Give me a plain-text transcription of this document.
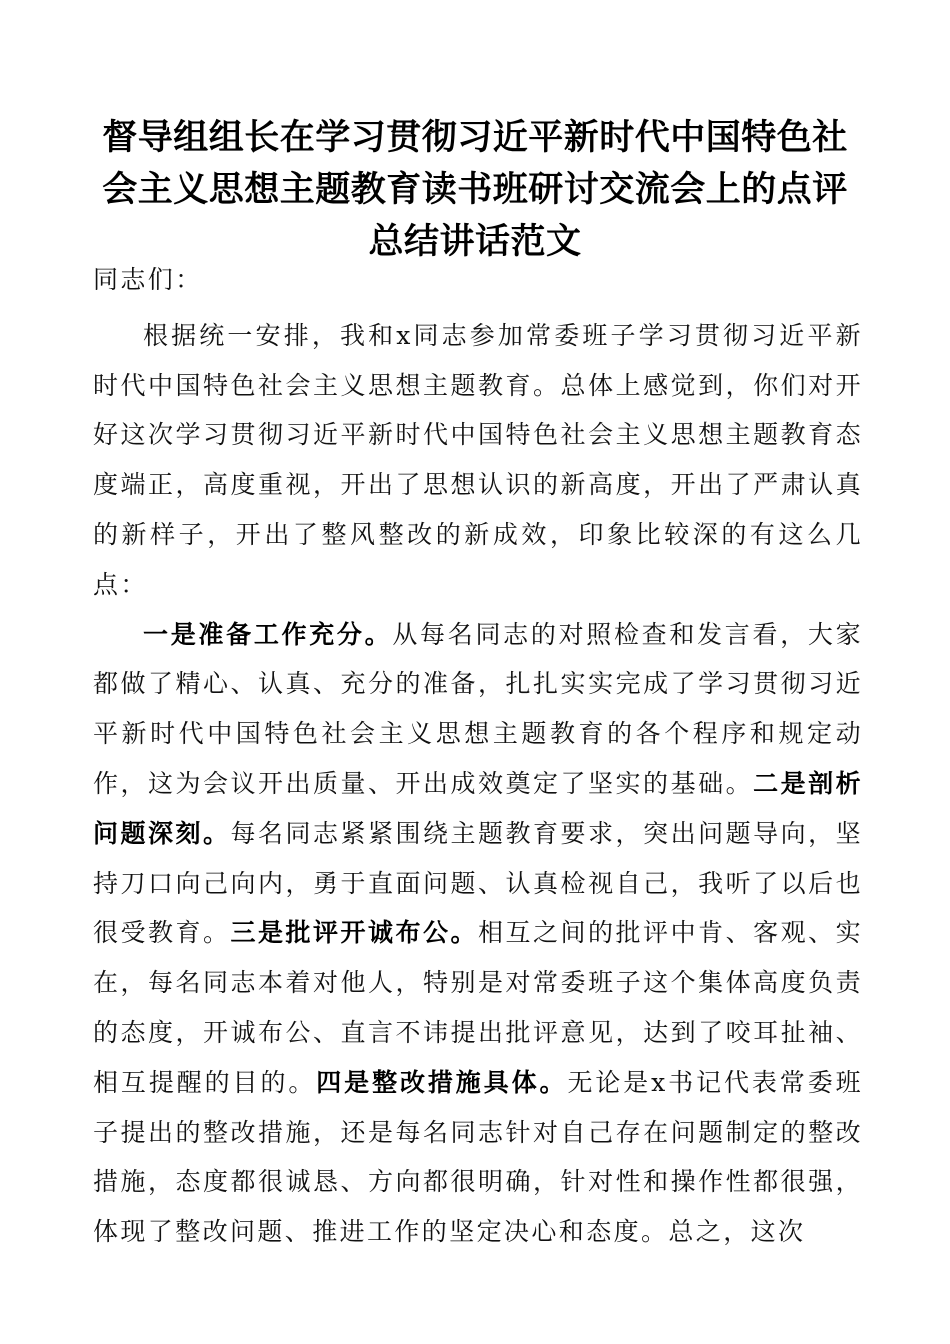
督导组组长在学习贯彻习近平新时代中国特色社
会主义思想主题教育读书班研讨交流会上的点评
总结讲话范文

同志们：

根据统一安排，我和x同志参加常委班子学习贯彻习近平新时代中国特色社会主义思想主题教育。总体上感觉到，你们对开好这次学习贯彻习近平新时代中国特色社会主义思想主题教育态度端正，高度重视，开出了思想认识的新高度，开出了严肃认真的新样子，开出了整风整改的新成效，印象比较深的有这么几点：

一是准备工作充分。从每名同志的对照检查和发言看，大家都做了精心、认真、充分的准备，扎扎实实完成了学习贯彻习近平新时代中国特色社会主义思想主题教育的各个程序和规定动作，这为会议开出质量、开出成效奠定了坚实的基础。二是剖析问题深刻。每名同志紧紧围绕主题教育要求，突出问题导向，坚持刀口向己向内，勇于直面问题、认真检视自己，我听了以后也很受教育。三是批评开诚布公。相互之间的批评中肯、客观、实在，每名同志本着对他人，特别是对常委班子这个集体高度负责的态度，开诚布公、直言不讳提出批评意见，达到了咬耳扯袖、相互提醒的目的。四是整改措施具体。无论是x书记代表常委班子提出的整改措施，还是每名同志针对自己存在问题制定的整改措施，态度都很诚恳、方向都很明确，针对性和操作性都很强，体现了整改问题、推进工作的坚定决心和态度。总之，这次
